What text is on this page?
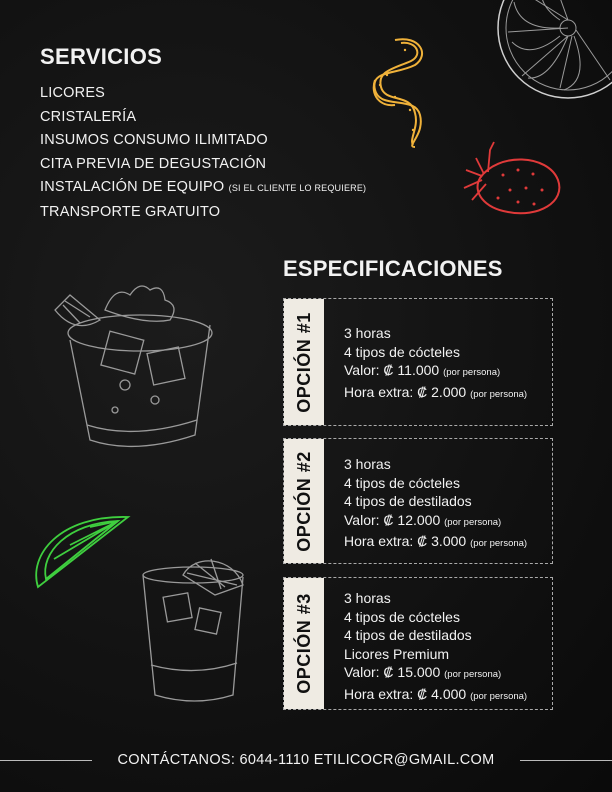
SERVICIOS
LICORES
CRISTALERÍA
INSUMOS CONSUMO ILIMITADO
CITA PREVIA DE DEGUSTACIÓN
INSTALACIÓN DE EQUIPO (SI EL CLIENTE LO REQUIERE)
TRANSPORTE GRATUITO
ESPECIFICACIONES
OPCIÓN #1 3 horas
4 tipos de cócteles
Valor: ₡ 11.000 (por persona)
Hora extra: ₡ 2.000 (por persona)
OPCIÓN #2 3 horas
4 tipos de cócteles
4 tipos de destilados
Valor: ₡ 12.000 (por persona)
Hora extra: ₡ 3.000 (por persona)
OPCIÓN #3 3 horas
4 tipos de cócteles
4 tipos de destilados
Licores Premium
Valor: ₡ 15.000 (por persona)
Hora extra: ₡ 4.000 (por persona)
CONTÁCTANOS: 6044-1110 ETILICOCR@GMAIL.COM
